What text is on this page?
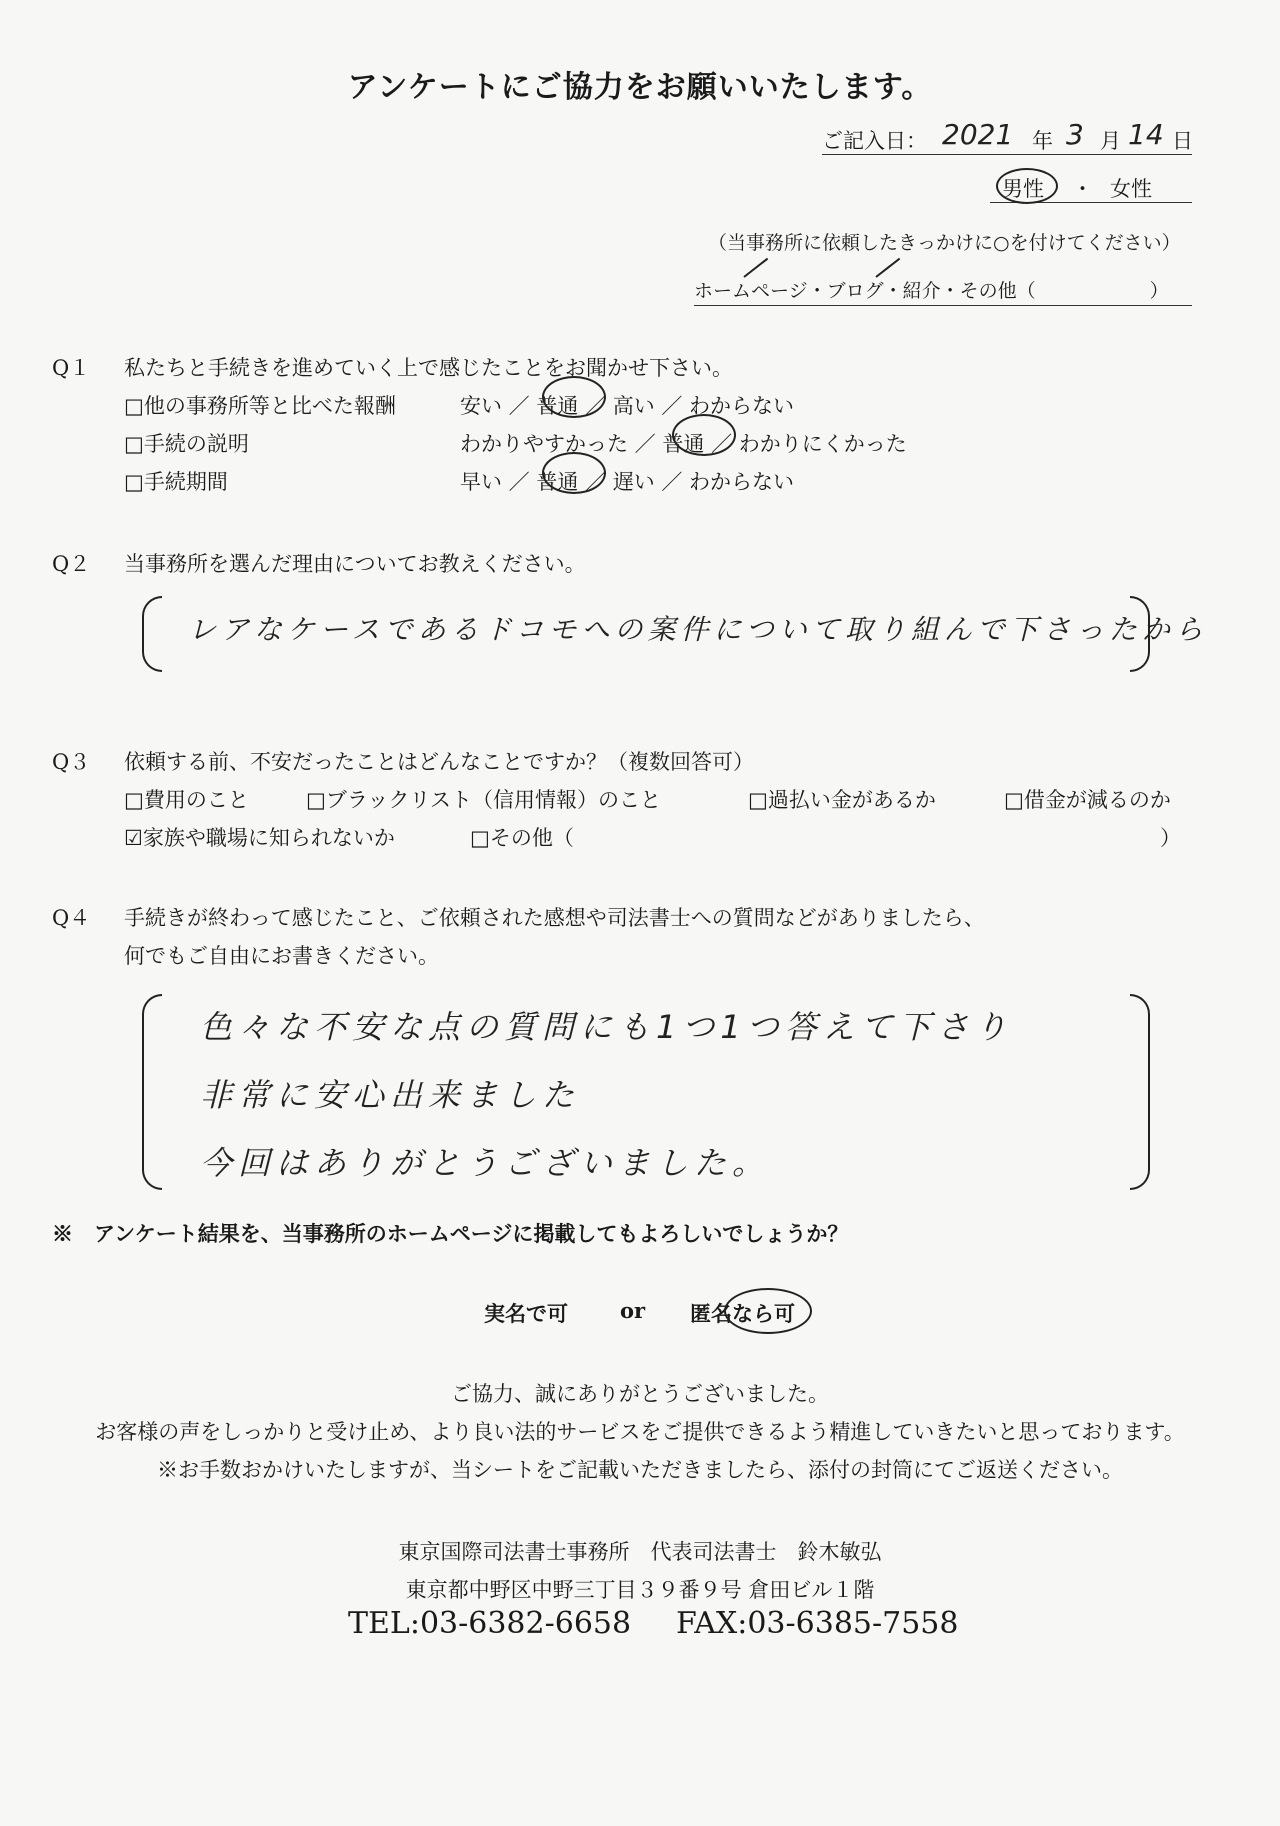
アンケートにご協力をお願いいたします。
ご記入日： 2021 年 3 月 14 日
男性 ・ 女性
（当事務所に依頼したきっかけに○を付けてください）
ホームページ・ブログ・紹介・その他（　　　　　　）
Q１ 私たちと手続きを進めていく上で感じたことをお聞かせ下さい。
□他の事務所等と比べた報酬	安い ／ 普通 ／ 高い ／ わからない
□手続の説明	わかりやすかった ／ 普通 ／ わかりにくかった
□手続期間	早い ／ 普通 ／ 遅い ／ わからない
Q２ 当事務所を選んだ理由についてお教えください。
レアなケースであるドコモへの案件について取り組んで下さったから
Q３ 依頼する前、不安だったことはどんなことですか？（複数回答可）
□費用のこと	□ブラックリスト（信用情報）のこと	□過払い金があるか	□借金が減るのか
☑家族や職場に知られないか	□その他（	）
Q４ 手続きが終わって感じたこと、ご依頼された感想や司法書士への質問などがありましたら、
何でもご自由にお書きください。
色々な不安な点の質問にも1つ1つ答えて下さり
非常に安心出来ました
今回はありがとうございました。
※　アンケート結果を、当事務所のホームページに掲載してもよろしいでしょうか？
実名で可 or 匿名なら可
ご協力、誠にありがとうございました。
お客様の声をしっかりと受け止め、より良い法的サービスをご提供できるよう精進していきたいと思っております。
※お手数おかけいたしますが、当シートをご記載いただきましたら、添付の封筒にてご返送ください。
東京国際司法書士事務所　代表司法書士　鈴木敏弘
東京都中野区中野三丁目３９番９号 倉田ビル１階
TEL:03-6382-6658 FAX:03-6385-7558
